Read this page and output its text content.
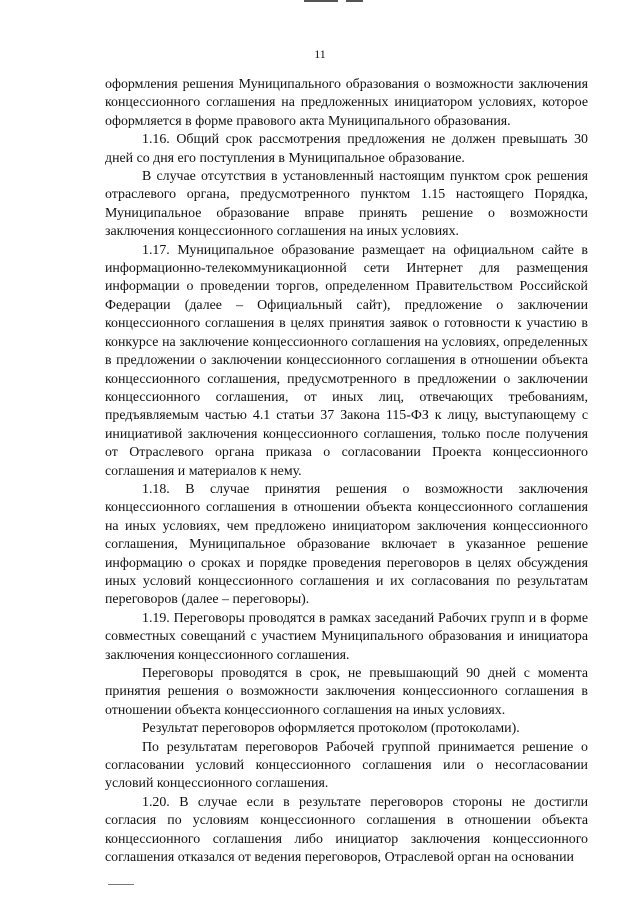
11

оформления решения Муниципального образования о возможности заключения концессионного соглашения на предложенных инициатором условиях, которое оформляется в форме правового акта Муниципального образования.

1.16. Общий срок рассмотрения предложения не должен превышать 30 дней со дня его поступления в Муниципальное образование.

В случае отсутствия в установленный настоящим пунктом срок решения отраслевого органа, предусмотренного пунктом 1.15 настоящего Порядка, Муниципальное образование вправе принять решение о возможности заключения концессионного соглашения на иных условиях.

1.17. Муниципальное образование размещает на официальном сайте в информационно-телекоммуникационной сети Интернет для размещения информации о проведении торгов, определенном Правительством Российской Федерации (далее – Официальный сайт), предложение о заключении концессионного соглашения в целях принятия заявок о готовности к участию в конкурсе на заключение концессионного соглашения на условиях, определенных в предложении о заключении концессионного соглашения в отношении объекта концессионного соглашения, предусмотренного в предложении о заключении концессионного соглашения, от иных лиц, отвечающих требованиям, предъявляемым частью 4.1 статьи 37 Закона 115-ФЗ к лицу, выступающему с инициативой заключения концессионного соглашения, только после получения от Отраслевого органа приказа о согласовании Проекта концессионного соглашения и материалов к нему.

1.18. В случае принятия решения о возможности заключения концессионного соглашения в отношении объекта концессионного соглашения на иных условиях, чем предложено инициатором заключения концессионного соглашения, Муниципальное образование включает в указанное решение информацию о сроках и порядке проведения переговоров в целях обсуждения иных условий концессионного соглашения и их согласования по результатам переговоров (далее – переговоры).

1.19. Переговоры проводятся в рамках заседаний Рабочих групп и в форме совместных совещаний с участием Муниципального образования и инициатора заключения концессионного соглашения.

Переговоры проводятся в срок, не превышающий 90 дней с момента принятия решения о возможности заключения концессионного соглашения в отношении объекта концессионного соглашения на иных условиях.

Результат переговоров оформляется протоколом (протоколами).

По результатам переговоров Рабочей группой принимается решение о согласовании условий концессионного соглашения или о несогласовании условий концессионного соглашения.

1.20. В случае если в результате переговоров стороны не достигли согласия по условиям концессионного соглашения в отношении объекта концессионного соглашения либо инициатор заключения концессионного соглашения отказался от ведения переговоров, Отраслевой орган на основании
